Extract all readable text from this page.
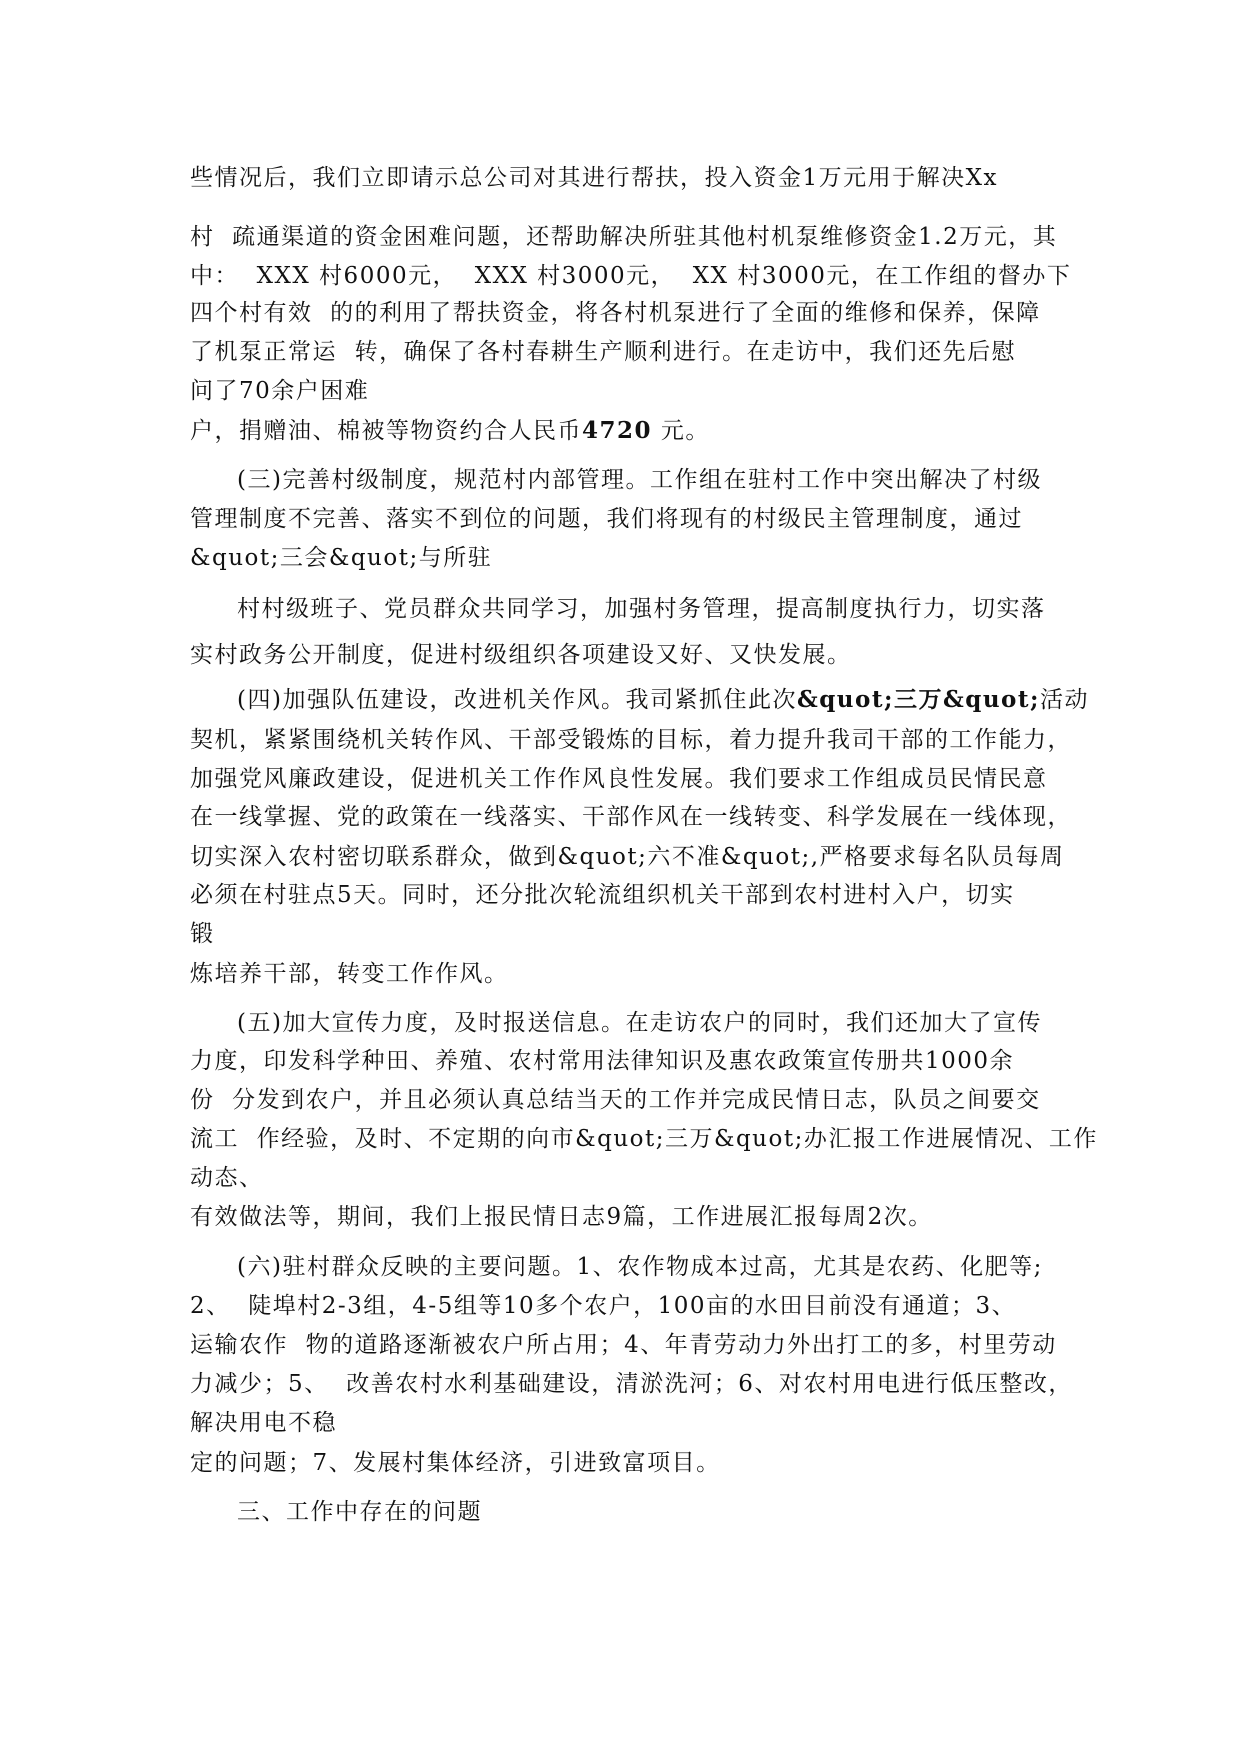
些情况后，我们立即请示总公司对其进行帮扶，投入资金1万元用于解决Xx
村  疏通渠道的资金困难问题，还帮助解决所驻其他村机泵维修资金1.2万元，其
中：  XXX 村6000元，  XXX 村3000元，  XX 村3000元，在工作组的督办下
四个村有效  的的利用了帮扶资金，将各村机泵进行了全面的维修和保养，保障
了机泵正常运  转，确保了各村春耕生产顺利进行。在走访中，我们还先后慰
问了70余户困难
户，捐赠油、棉被等物资约合人民币4720 元。
(三)完善村级制度，规范村内部管理。工作组在驻村工作中突出解决了村级
管理制度不完善、落实不到位的问题，我们将现有的村级民主管理制度，通过
&quot;三会&quot;与所驻
村村级班子、党员群众共同学习，加强村务管理，提高制度执行力，切实落
实村政务公开制度，促进村级组织各项建设又好、又快发展。
(四)加强队伍建设，改进机关作风。我司紧抓住此次&quot;三万&quot;活动
契机，紧紧围绕机关转作风、干部受锻炼的目标，着力提升我司干部的工作能力，
加强党风廉政建设，促进机关工作作风良性发展。我们要求工作组成员民情民意
在一线掌握、党的政策在一线落实、干部作风在一线转变、科学发展在一线体现，
切实深入农村密切联系群众，做到&quot;六不准&quot;,严格要求每名队员每周
必须在村驻点5天。同时，还分批次轮流组织机关干部到农村进村入户，切实
锻
炼培养干部，转变工作作风。
(五)加大宣传力度，及时报送信息。在走访农户的同时，我们还加大了宣传
力度，印发科学种田、养殖、农村常用法律知识及惠农政策宣传册共1000余
份  分发到农户，并且必须认真总结当天的工作并完成民情日志，队员之间要交
流工  作经验，及时、不定期的向市&quot;三万&quot;办汇报工作进展情况、工作
动态、
有效做法等，期间，我们上报民情日志9篇，工作进展汇报每周2次。
(六)驻村群众反映的主要问题。1、农作物成本过高，尤其是农药、化肥等;
2、  陡埠村2-3组，4-5组等10多个农户，100亩的水田目前没有通道；3、
运输农作  物的道路逐渐被农户所占用；4、年青劳动力外出打工的多，村里劳动
力减少；5、  改善农村水利基础建设，清淤洗河；6、对农村用电进行低压整改，
解决用电不稳
定的问题；7、发展村集体经济，引进致富项目。
三、工作中存在的问题
